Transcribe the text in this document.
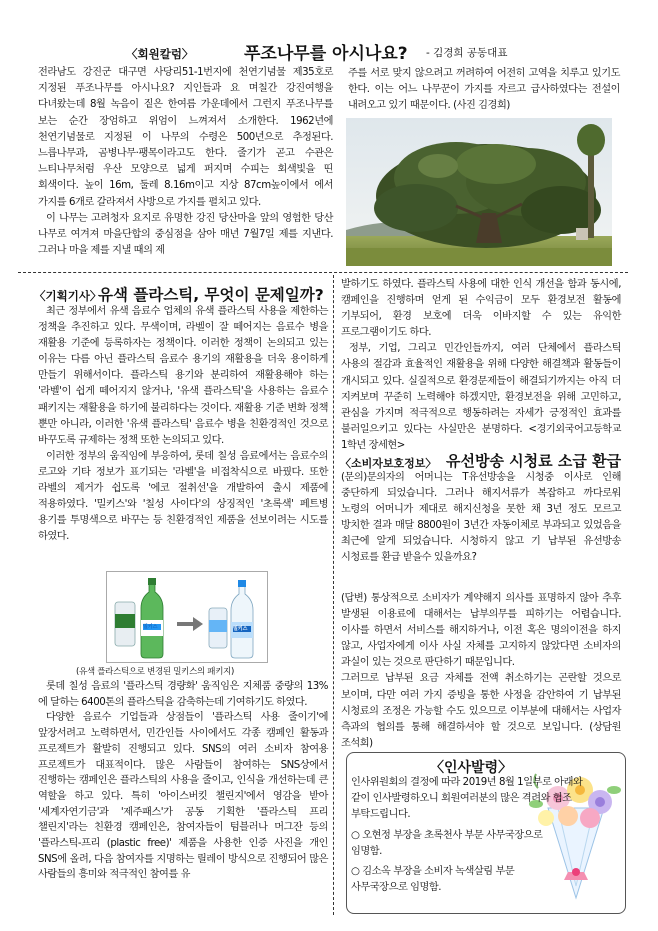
〈회원칼럼〉	푸조나무를 아시나요? - 김경희 공동대표

전라남도 강진군 대구면 사당리51-1번지에 천연기념물 제35호로 지정된 푸조나무를 아시나요? 지인들과 요 며칠간 강진여행을 다녀왔는데 8월 녹음이 짙은 한여름 가운데에서 그런지 푸조나무를 보는 순간 장엄하고 위엄이 느껴져서 소개한다. 1962년에 천연기념물로 지정된 이 나무의 수령은 500년으로 추정된다. 느릅나무과, 곰병나무·팽목이라고도 한다. 줄기가 곧고 수관은 느티나무처럼 우산 모양으로 넓게 퍼지며 수피는 회색빛을 띤 회색이다. 높이 16m, 둘레 8.16m이고 지상 87cm높이에서 에서 가지를 6개로 갈라져서 사방으로 가지를 펼치고 있다.

이 나무는 고려청자 요지로 유명한 강진 당산마을 앞의 영험한 당산 나무로 여겨져 마을단합의 중심점을 삼아 매년 7월7일 제를 지낸다. 그러나 마을 제를 지낼 때의 제

주를 서로 맞지 않으려고 꺼려하여 어전히 고역을 치루고 있기도 한다. 이는 어느 나무꾼이 가지를 자르고 급사하였다는 전설이 내려오고 있기 때문이다. (사진 김경희)
〈기획기사〉
유색 플라스틱, 무엇이 문제일까?

최근 정부에서 유색 음료수 업체의 유색 플라스틱 사용을 제한하는 정책을 추진하고 있다. 무색이며, 라벨이 잘 떼어지는 음료수 병을 재활용 기준에 등록하자는 정책이다. 이러한 정책이 논의되고 있는 이유는 다름 아닌 플라스틱 음료수 용기의 재활용을 더욱 용이하게 만들기 위해서이다. 플라스틱 용기와 분리하여 재활용해야 하는 '라벨'이 쉽게 떼어지지 않거나, '유색 플라스틱'을 사용하는 음료수 패키지는 재활용을 하기에 불리하다는 것이다. 재활용 기준 변화 정책 뿐만 아니라, 이러한 '유색 플라스틱' 음료수 병을 친환경적인 것으로 바꾸도록 규제하는 정책 또한 논의되고 있다.

이러한 정부의 움직임에 부응하여, 롯데 칠성 음료에서는 음료수의 로고와 기타 정보가 표기되는 '라벨'을 비접착식으로 바꿨다. 또한 라벨의 제거가 쉽도록 '에코 절취선'을 개발하여 출시 제품에 적용하였다. '밀키스'와 '칠성 사이다'의 상징적인 '초록색' 페트병 용기를 투명색으로 바꾸는 등 친환경적인 제품을 선보이려는 시도를 하였다.

밀키스	밀키스
(유색 플라스틱으로 변경된 밀키스의 패키지)

롯데 칠성 음료의 '플라스틱 경량화' 움직임은 지체품 중량의 13%에 달하는 6400톤의 플라스틱을 감축하는데 기여하기도 하였다.

다양한 음료수 기업들과 상점들이 '플라스틱 사용 줄이기'에 앞장서려고 노력하면서, 민간인들 사이에서도 각종 캠페인 활동과 프로젝트가 활발히 진행되고 있다. SNS의 여러 소비자 참여용 프로젝트가 대표적이다. 많은 사람들이 참여하는 SNS상에서 진행하는 캠페인은 플라스틱의 사용을 줄이고, 인식을 개선하는데 큰 역할을 하고 있다. 특히 '아이스버킷 챌린지'에서 영감을 받아 '세계자연기금'과 '제주패스'가 공동 기획한 '플라스틱 프리 챌린지'라는 친환경 캠페인은, 참여자들이 텀블러나 머그잔 등의 '플라스틱-프리 (plastic free)' 제품을 사용한 인증 사진을 개인 SNS에 올려, 다음 참여자를 지명하는 릴레이 방식으로 진행되어 많은 사람들의 흥미와 적극적인 참여를 유

발하기도 하였다. 플라스틱 사용에 대한 인식 개선을 함과 동시에, 캠페인을 진행하며 얻게 된 수익금이 모두 환경보전 활동에 기부되어, 환경 보호에 더욱 이바지할 수 있는 유익한 프로그램이기도 하다.

정부, 기업, 그리고 민간인들까지, 여러 단체에서 플라스틱 사용의 절감과 효율적인 재활용을 위해 다양한 해결책과 활동들이 개시되고 있다. 실질적으로 환경문제들이 해결되기까지는 아직 더 지켜보며 꾸준히 노력해야 하겠지만, 환경보전을 위해 고민하고, 관심을 가지며 적극적으로 행동하려는 자세가 긍정적인 효과를 불러일으키고 있다는 사실만은 분명하다. <경기외국어고등학교 1학년 장세현>

〈소비자보호정보〉 유선방송 시청료 소급 환급
(문의)문의자의 어머니는 T유선방송을 시청중 이사로 인해 중단하게 되었습니다. 그러나 해지서류가 복잡하고 까다로워 노령의 어머니가 제대로 해지신청을 못한 채 3년 정도 모르고 방치한 결과 매달 8800원이 3년간 자동이체로 부과되고 있었음을 최근에 알게 되었습니다. 시청하지 않고 기 납부된 유선방송 시청료를 환급 받을수 있을까요?

(답변) 통상적으로 소비자가 계약해지 의사를 표명하지 않아 추후 발생된 이용료에 대해서는 납부의무를 피하기는 어렵습니다. 이사를 하면서 서비스를 해지하거나, 이전 혹은 명의이전을 하지 않고, 사업자에게 이사 사실 자체를 고지하지 않았다면 소비자의 과실이 있는 것으로 판단하기 때문입니다.

그러므로 납부된 요금 자체를 전액 취소하기는 곤란할 것으로 보이며, 다만 여러 가지 증빙을 통한 사정을 감안하여 기 납부된 시청료의 조정은 가능할 수도 있으므로 이부분에 대해서는 사업자 측과의 협의를 통해 해결하셔야 할 것으로 보입니다. (상담원 조석희)

〈인사발령〉
인사위원회의 결정에 따라 2019년 8월 1일부로 아래와 같이 인사발령하오니 회원여러분의 많은 격려와 협조 부탁드립니다.

○ 오현정 부장을 초록천사 부문 사무국장으로 임명함.

○ 김소옥 부장을 소비자 녹색살림 부문 사무국장으로 임명함.
